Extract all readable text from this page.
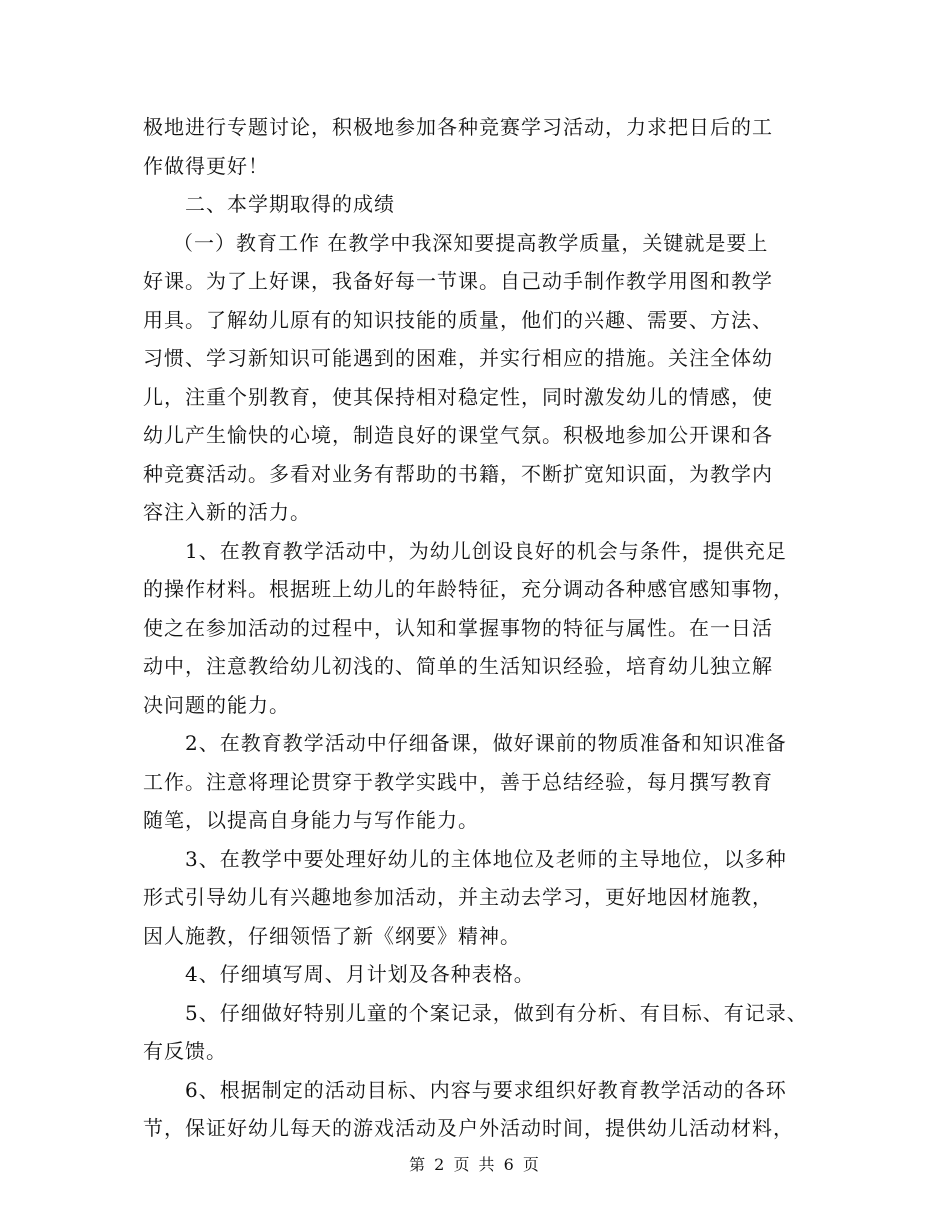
极地进行专题讨论，积极地参加各种竞赛学习活动，力求把日后的工
作做得更好！

二、本学期取得的成绩

（一）教育工作 在教学中我深知要提高教学质量，关键就是要上
好课。为了上好课，我备好每一节课。自己动手制作教学用图和教学
用具。了解幼儿原有的知识技能的质量，他们的兴趣、需要、方法、
习惯、学习新知识可能遇到的困难，并实行相应的措施。关注全体幼
儿，注重个别教育，使其保持相对稳定性，同时激发幼儿的情感，使
幼儿产生愉快的心境，制造良好的课堂气氛。积极地参加公开课和各
种竞赛活动。多看对业务有帮助的书籍，不断扩宽知识面，为教学内
容注入新的活力。

1、在教育教学活动中，为幼儿创设良好的机会与条件，提供充足
的操作材料。根据班上幼儿的年龄特征，充分调动各种感官感知事物，
使之在参加活动的过程中，认知和掌握事物的特征与属性。在一日活
动中，注意教给幼儿初浅的、简单的生活知识经验，培育幼儿独立解
决问题的能力。

2、在教育教学活动中仔细备课，做好课前的物质准备和知识准备
工作。注意将理论贯穿于教学实践中，善于总结经验，每月撰写教育
随笔，以提高自身能力与写作能力。

3、在教学中要处理好幼儿的主体地位及老师的主导地位，以多种
形式引导幼儿有兴趣地参加活动，并主动去学习，更好地因材施教，
因人施教，仔细领悟了新《纲要》精神。

4、仔细填写周、月计划及各种表格。

5、仔细做好特别儿童的个案记录，做到有分析、有目标、有记录、
有反馈。

6、根据制定的活动目标、内容与要求组织好教育教学活动的各环
节，保证好幼儿每天的游戏活动及户外活动时间，提供幼儿活动材料，

第 2 页 共 6 页
